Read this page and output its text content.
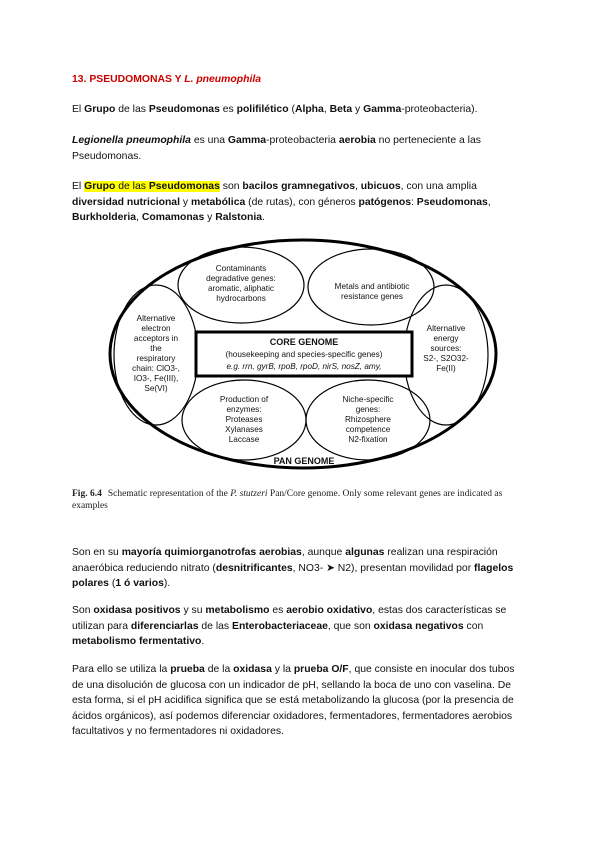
13. PSEUDOMONAS Y L. pneumophila

El Grupo de las Pseudomonas es polifilético (Alpha, Beta y Gamma-proteobacteria).

Legionella pneumophila es una Gamma-proteobacteria aerobia no perteneciente a las Pseudomonas.

El Grupo de las Pseudomonas son bacilos gramnegativos, ubicuos, con una amplia diversidad nutricional y metabólica (de rutas), con géneros patógenos: Pseudomonas, Burkholderia, Comamonas y Ralstonia.

CORE GENOME
(housekeeping and species-specific genes)
e.g. rrn, gyrB, rpoB, rpoD, nirS, nosZ, amy,
Contaminants
degradative genes:
aromatic, aliphatic
hydrocarbons
Metals and antibiotic
resistance genes
Alternative
electron
acceptors in
the
respiratory
chain: ClO3-,
IO3-, Fe(III),
Se(VI)
Alternative
energy
sources:
S2-, S2O32-
Fe(II)
Production of
enzymes:
Proteases
Xylanases
Laccase
Niche-specific
genes:
Rhizosphere
competence
N2-fixation
PAN GENOME
Fig. 6.4 Schematic representation of the P. stutzeri Pan/Core genome. Only some relevant genes are indicated as examples

Son en su mayoría quimiorganotrofas aerobias, aunque algunas realizan una respiración anaeróbica reduciendo nitrato (desnitrificantes, NO3- ➤ N2), presentan movilidad por flagelos polares (1 ó varios).

Son oxidasa positivos y su metabolismo es aerobio oxidativo, estas dos características se utilizan para diferenciarlas de las Enterobacteriaceae, que son oxidasa negativos con metabolismo fermentativo.

Para ello se utiliza la prueba de la oxidasa y la prueba O/F, que consiste en inocular dos tubos de una disolución de glucosa con un indicador de pH, sellando la boca de uno con vaselina. De esta forma, si el pH acidifica significa que se está metabolizando la glucosa (por la presencia de ácidos orgánicos), así podemos diferenciar oxidadores, fermentadores, fermentadores aerobios facultativos y no fermentadores ni oxidadores.
